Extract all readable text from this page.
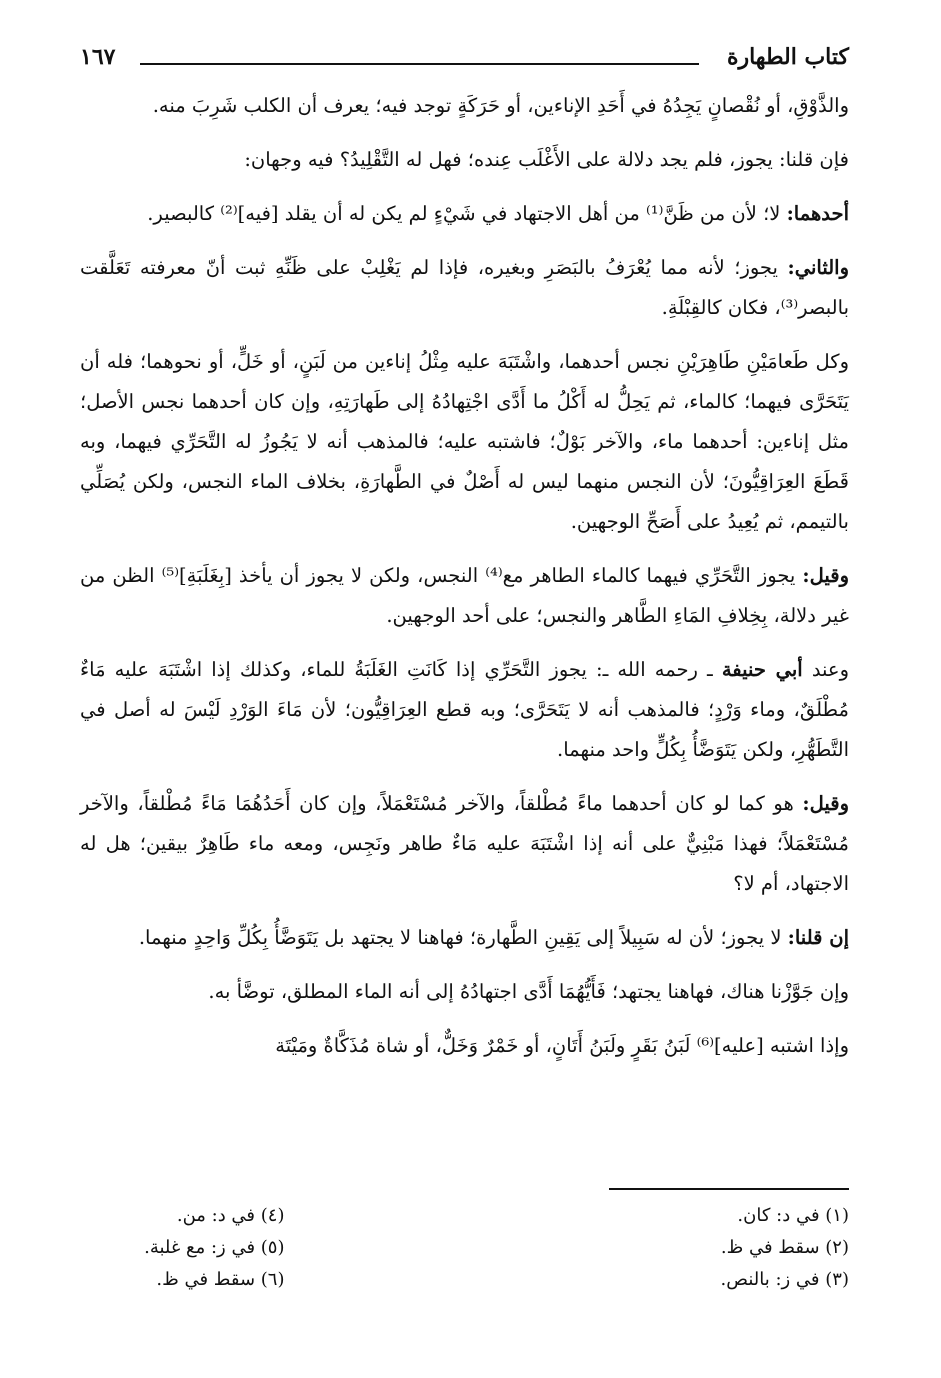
كتاب الطهارة
١٦٧

والذَّوْقِ، أو نُقْصانٍ يَجِدُهُ في أَحَدِ الإناءين، أو حَرَكَةٍ توجد فيه؛ يعرف أن الكلب شَرِبَ منه.

فإن قلنا: يجوز، فلم يجد دلالة على الأَغْلَب عِنده؛ فهل له التَّقْلِيدُ؟ فيه وجهان:

أحدهما: لا؛ لأن من ظَنَّ⁽¹⁾ من أهل الاجتهاد في شَيْءٍ لم يكن له أن يقلد [فيه]⁽²⁾ كالبصير.

والثاني: يجوز؛ لأنه مما يُعْرَفُ بالبَصَرِ وبغيره، فإذا لم يَغْلِبْ على ظَنِّهِ ثبت أنّ معرفته تَعَلَّقت بالبصر⁽³⁾، فكان كالقِبْلَةِ.

وكل طَعامَيْنِ طَاهِرَيْنِ نجس أحدهما، واشْتَبَهَ عليه مِثْلُ إناءين من لَبَنٍ، أو خَلٍّ، أو نحوهما؛ فله أن يَتَحَرَّى فيهما؛ كالماء، ثم يَحِلُّ له أَكْلُ ما أَدَّى اجْتِهادُهُ إلى طَهارَتِهِ، وإن كان أحدهما نجس الأصل؛ مثل إناءين: أحدهما ماء، والآخر بَوْلٌ؛ فاشتبه عليه؛ فالمذهب أنه لا يَجُوزُ له التَّحَرِّي فيهما، وبه قَطَعَ العِرَاقِيُّونَ؛ لأن النجس منهما ليس له أَصْلٌ في الطَّهارَةِ، بخلاف الماء النجس، ولكن يُصَلِّي بالتيمم، ثم يُعِيدُ على أَصَحِّ الوجهين.

وقيل: يجوز التَّحَرِّي فيهما كالماء الطاهر مع⁽⁴⁾ النجس، ولكن لا يجوز أن يأخذ [بِغَلَبَةِ]⁽⁵⁾ الظن من غير دلالة، بِخِلافِ المَاءِ الطَّاهر والنجس؛ على أحد الوجهين.

وعند أبي حنيفة ـ رحمه الله ـ: يجوز التَّحَرِّي إذا كَانَتِ الغَلَبَةُ للماء، وكذلك إذا اشْتَبَهَ عليه مَاءٌ مُطْلَقٌ، وماء وَرْدٍ؛ فالمذهب أنه لا يَتَحَرَّى؛ وبه قطع العِرَاقِيُّون؛ لأن مَاءَ الوَرْدِ لَيْسَ له أصل في التَّطَهُّرِ، ولكن يَتَوَضَّأُ بِكُلٍّ واحد منهما.

وقيل: هو كما لو كان أحدهما ماءً مُطْلقاً، والآخر مُسْتَعْمَلاً، وإن كان أَحَدُهُمَا مَاءً مُطْلقاً، والآخر مُسْتَعْمَلاً؛ فهذا مَبْنِيٌّ على أنه إذا اشْتَبَهَ عليه مَاءٌ طاهر ونَجِس، ومعه ماء طَاهِرٌ بيقين؛ هل له الاجتهاد، أم لا؟

إن قلنا: لا يجوز؛ لأن له سَبِيلاً إلى يَقِينِ الطَّهارة؛ فهاهنا لا يجتهد بل يَتَوَضَّأُ بِكُلِّ وَاحِدٍ منهما.

وإن جَوَّزْنا هناك، فهاهنا يجتهد؛ فَأَيُّهُمَا أَدَّى اجتهادُهُ إلى أنه الماء المطلق، توضَّأ به.

وإذا اشتبه [عليه]⁽⁶⁾ لَبَنُ بَقَرٍ ولَبَنُ أَتَانٍ، أو خَمْرٌ وَخَلٌّ، أو شاة مُذَكَّاةٌ ومَيْتَة

(١) في د: كان.
(٢) سقط في ظ.
(٣) في ز: بالنص.
(٤) في د: من.
(٥) في ز: مع غلبة.
(٦) سقط في ظ.
